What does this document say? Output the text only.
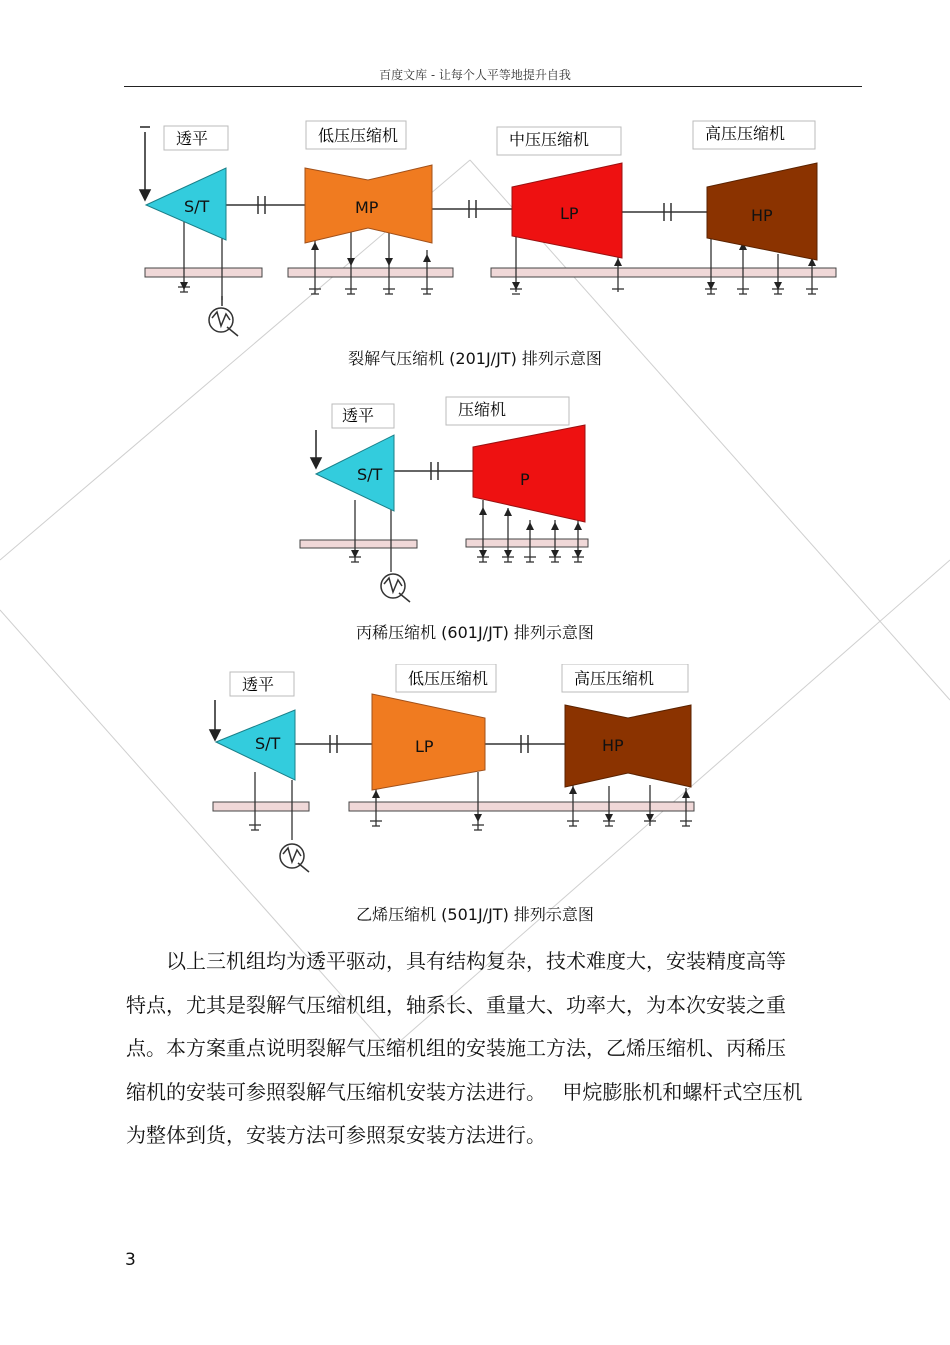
百度文库 - 让每个人平等地提升自我
透平	低压压缩机	中压压缩机	高压压缩机
S/T	MP	LP	HP
裂解气压缩机 (201J/JT) 排列示意图
透平	压缩机
S/T	P
丙稀压缩机 (601J/JT) 排列示意图
透平	低压压缩机	高压压缩机
S/T	LP	HP
乙烯压缩机 (501J/JT) 排列示意图

　　以上三机组均为透平驱动，具有结构复杂，技术难度大，安装精度高等

特点，尤其是裂解气压缩机组，轴系长、重量大、功率大，为本次安装之重

点。本方案重点说明裂解气压缩机组的安装施工方法，乙烯压缩机、丙稀压

缩机的安装可参照裂解气压缩机安装方法进行。　 甲烷膨胀机和螺杆式空压机

为整体到货，安装方法可参照泵安装方法进行。

3
